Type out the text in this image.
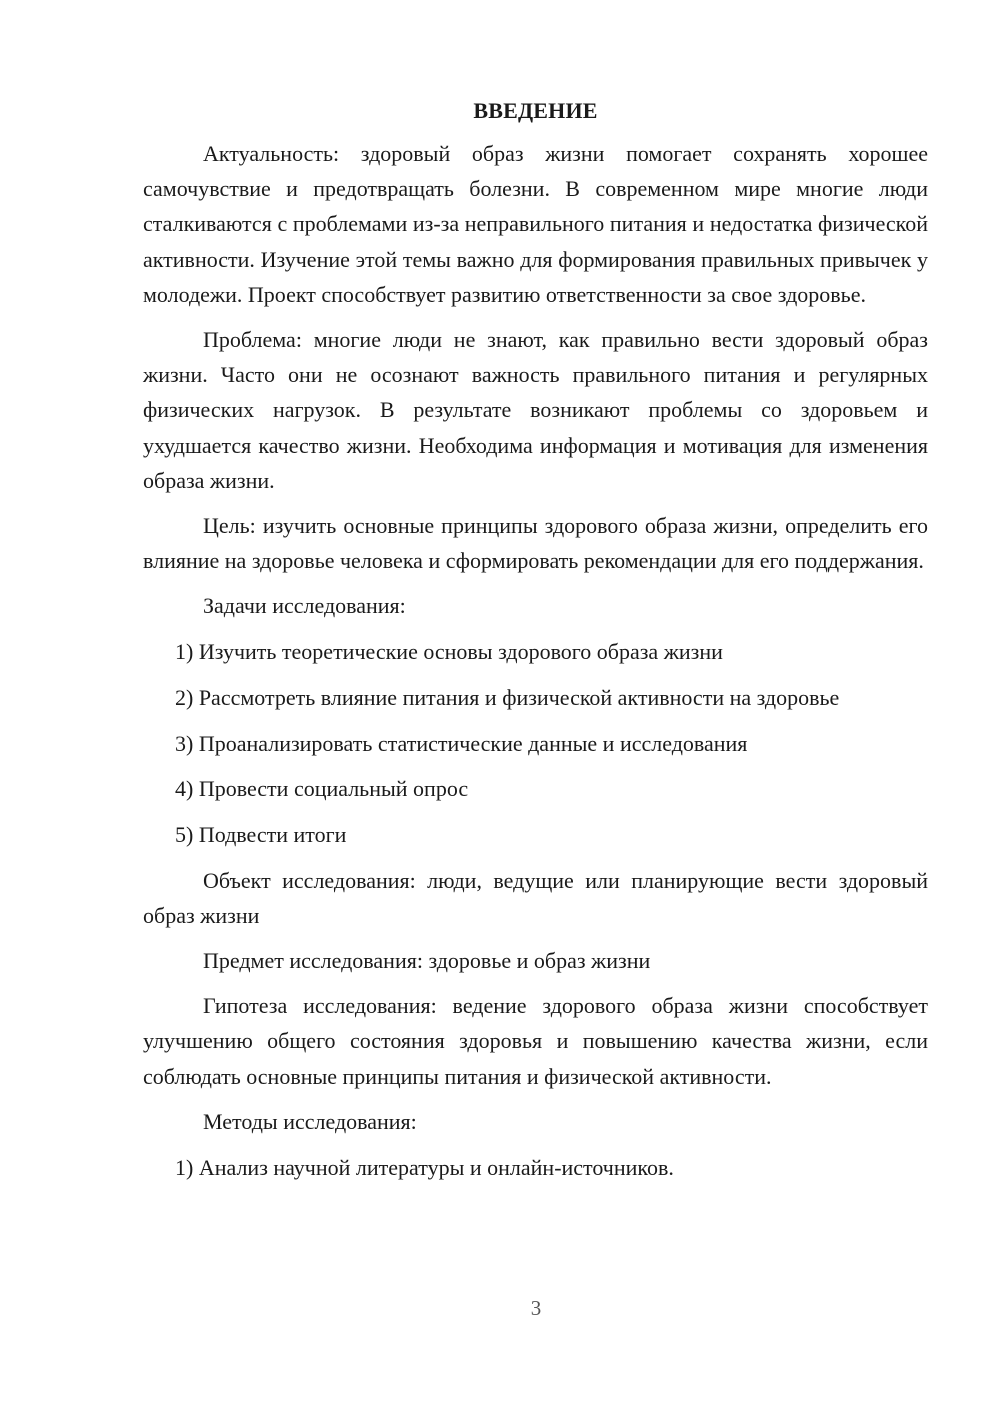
ВВЕДЕНИЕ

Актуальность: здоровый образ жизни помогает сохранять хорошее самочувствие и предотвращать болезни. В современном мире многие люди сталкиваются с проблемами из-за неправильного питания и недостатка физической активности. Изучение этой темы важно для формирования правильных привычек у молодежи. Проект способствует развитию ответственности за свое здоровье.

Проблема: многие люди не знают, как правильно вести здоровый образ жизни. Часто они не осознают важность правильного питания и регулярных физических нагрузок. В результате возникают проблемы со здоровьем и ухудшается качество жизни. Необходима информация и мотивация для изменения образа жизни.

Цель: изучить основные принципы здорового образа жизни, определить его влияние на здоровье человека и сформировать рекомендации для его поддержания.

Задачи исследования:

1) Изучить теоретические основы здорового образа жизни

2) Рассмотреть влияние питания и физической активности на здоровье

3) Проанализировать статистические данные и исследования

4) Провести социальный опрос

5) Подвести итоги

Объект исследования: люди, ведущие или планирующие вести здоровый образ жизни

Предмет исследования: здоровье и образ жизни

Гипотеза исследования: ведение здорового образа жизни способствует улучшению общего состояния здоровья и повышению качества жизни, если соблюдать основные принципы питания и физической активности.

Методы исследования:

1) Анализ научной литературы и онлайн-источников.

3
